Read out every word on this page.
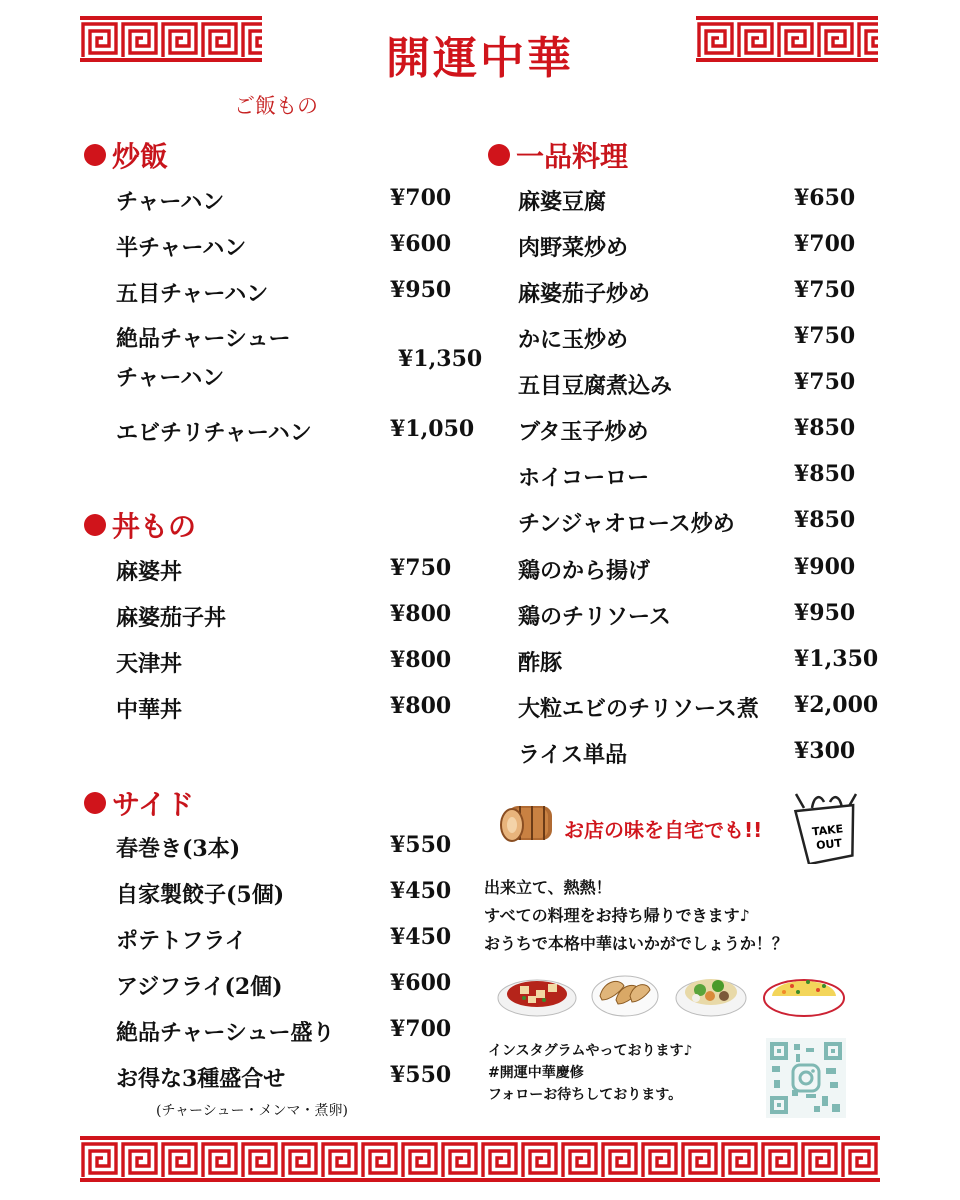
開運中華
ご飯もの
炒飯
チャーハン	¥700
半チャーハン	¥600
五目チャーハン	¥950
絶品チャーシュー
チャーハン
¥1,350
エビチリチャーハン	¥1,050
丼もの
麻婆丼	¥750
麻婆茄子丼	¥800
天津丼	¥800
中華丼	¥800
サイド
春巻き(3本)	¥550
自家製餃子(5個)	¥450
ポテトフライ	¥450
アジフライ(2個)	¥600
絶品チャーシュー盛り	¥700
お得な3種盛合せ	¥550
(チャーシュー・メンマ・煮卵)
一品料理
麻婆豆腐	¥650
肉野菜炒め	¥700
麻婆茄子炒め	¥750
かに玉炒め	¥750
五目豆腐煮込み	¥750
ブタ玉子炒め	¥850
ホイコーロー	¥850
チンジャオロース炒め	¥850
鶏のから揚げ	¥900
鶏のチリソース	¥950
酢豚	¥1,350
大粒エビのチリソース煮 ¥2,000
ライス単品	¥300
お店の味を自宅でも!!	TAKE
OUT
出来立て、熱熱！
すべての料理をお持ち帰りできます♪
おうちで本格中華はいかがでしょうか！？
インスタグラムやっております♪
#開運中華慶修
フォローお待ちしております。
